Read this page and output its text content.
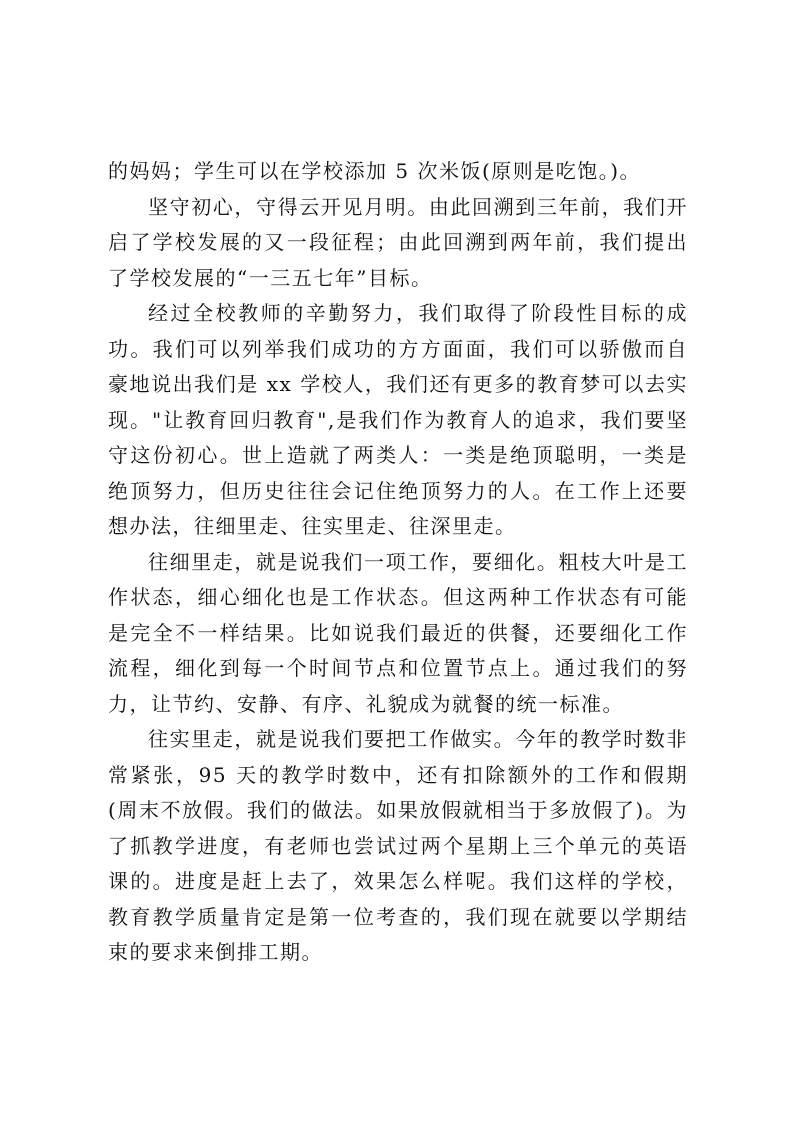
的妈妈；学生可以在学校添加 5 次米饭(原则是吃饱。)。

坚守初心，守得云开见月明。由此回溯到三年前，我们开启了学校发展的又一段征程；由此回溯到两年前，我们提出了学校发展的“一三五七年”目标。

经过全校教师的辛勤努力，我们取得了阶段性目标的成功。我们可以列举我们成功的方方面面，我们可以骄傲而自豪地说出我们是 xx 学校人，我们还有更多的教育梦可以去实现。"让教育回归教育",是我们作为教育人的追求，我们要坚守这份初心。世上造就了两类人：一类是绝顶聪明，一类是绝顶努力，但历史往往会记住绝顶努力的人。在工作上还要想办法，往细里走、往实里走、往深里走。

往细里走，就是说我们一项工作，要细化。粗枝大叶是工作状态，细心细化也是工作状态。但这两种工作状态有可能是完全不一样结果。比如说我们最近的供餐，还要细化工作流程，细化到每一个时间节点和位置节点上。通过我们的努力，让节约、安静、有序、礼貌成为就餐的统一标准。

往实里走，就是说我们要把工作做实。今年的教学时数非常紧张，95 天的教学时数中，还有扣除额外的工作和假期(周末不放假。我们的做法。如果放假就相当于多放假了)。为了抓教学进度，有老师也尝试过两个星期上三个单元的英语课的。进度是赶上去了，效果怎么样呢。我们这样的学校，教育教学质量肯定是第一位考查的，我们现在就要以学期结束的要求来倒排工期。
